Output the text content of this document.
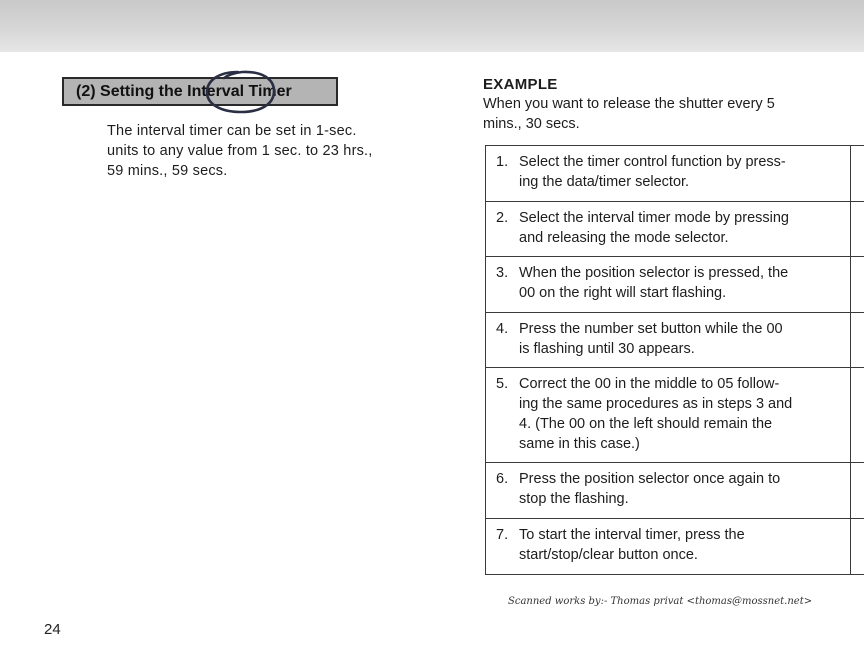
(2) Setting the Interval Timer
The interval timer can be set in 1-sec.
units to any value from 1 sec. to 23 hrs.,
59 mins., 59 secs.
EXAMPLE
When you want to release the shutter every 5
mins., 30 secs.
1. Select the timer control function by press-
ing the data/timer selector.
2. Select the interval timer mode by pressing
and releasing the mode selector.
3. When the position selector is pressed, the
00 on the right will start flashing.
4. Press the number set button while the 00
is flashing until 30 appears.
5. Correct the 00 in the middle to 05 follow-
ing the same procedures as in steps 3 and
4. (The 00 on the left should remain the
same in this case.)
6. Press the position selector once again to
stop the flashing.
7. To start the interval timer, press the
start/stop/clear button once.
Scanned works by:- Thomas privat <thomas@mossnet.net>
24
